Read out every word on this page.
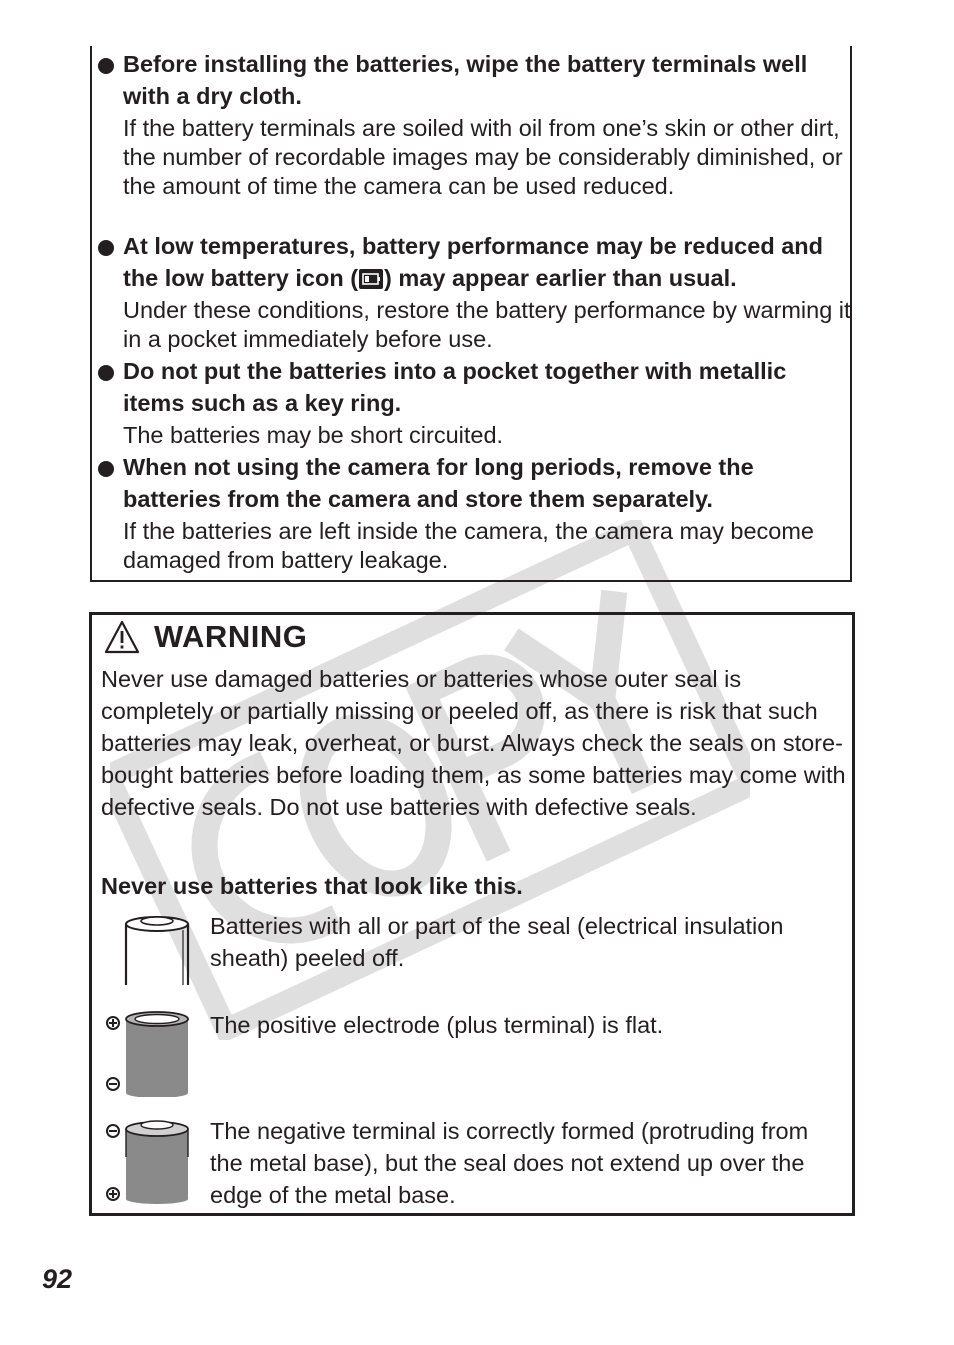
Before installing the batteries, wipe the battery terminals well with a dry cloth.
If the battery terminals are soiled with oil from one’s skin or other dirt, the number of recordable images may be considerably diminished, or the amount of time the camera can be used reduced.
At low temperatures, battery performance may be reduced and the low battery icon ( ) may appear earlier than usual.
Under these conditions, restore the battery performance by warming it in a pocket immediately before use.
Do not put the batteries into a pocket together with metallic items such as a key ring.
The batteries may be short circuited.
When not using the camera for long periods, remove the batteries from the camera and store them separately.
If the batteries are left inside the camera, the camera may become damaged from battery leakage.
WARNING
Never use damaged batteries or batteries whose outer seal is completely or partially missing or peeled off, as there is risk that such batteries may leak, overheat, or burst. Always check the seals on store-bought batteries before loading them, as some batteries may come with defective seals. Do not use batteries with defective seals.
Never use batteries that look like this.
Batteries with all or part of the seal (electrical insulation sheath) peeled off.
The positive electrode (plus terminal) is flat.
The negative terminal is correctly formed (protruding from the metal base), but the seal does not extend up over the edge of the metal base.
92
